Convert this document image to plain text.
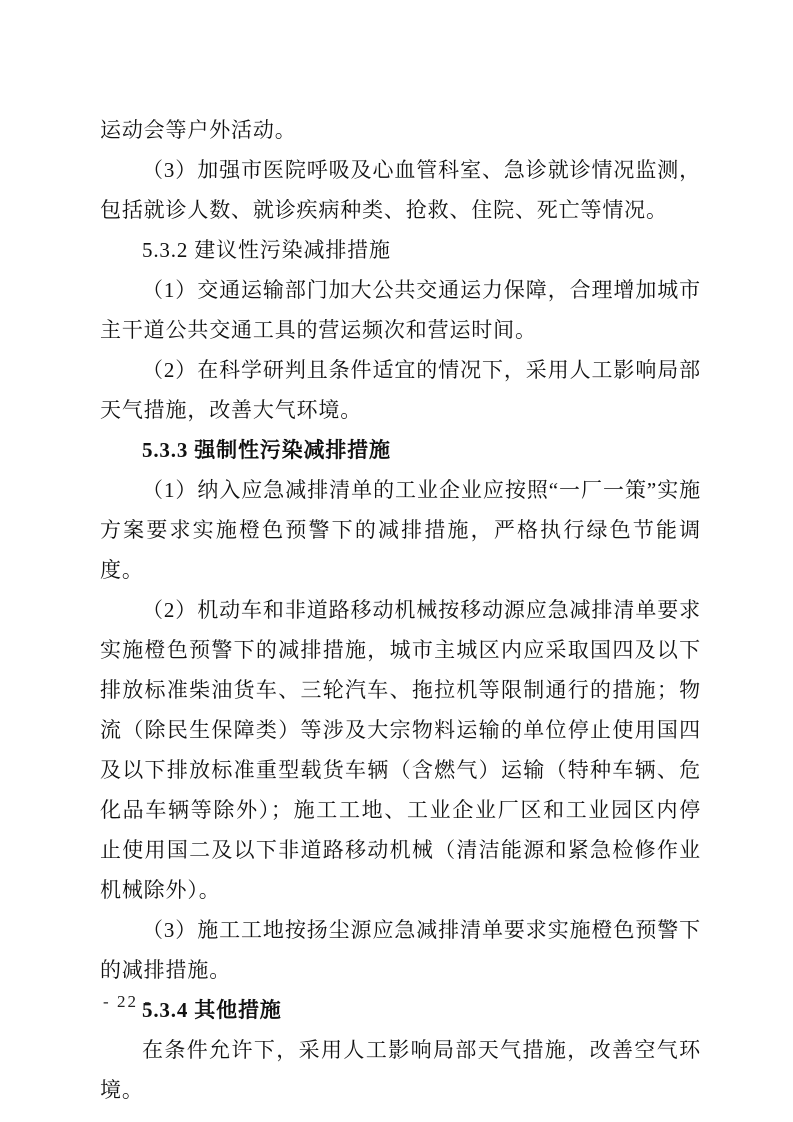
运动会等户外活动。

（3）加强市医院呼吸及心血管科室、急诊就诊情况监测，包括就诊人数、就诊疾病种类、抢救、住院、死亡等情况。

5.3.2 建议性污染减排措施

（1）交通运输部门加大公共交通运力保障，合理增加城市主干道公共交通工具的营运频次和营运时间。

（2）在科学研判且条件适宜的情况下，采用人工影响局部天气措施，改善大气环境。

5.3.3 强制性污染减排措施

（1）纳入应急减排清单的工业企业应按照“一厂一策”实施方案要求实施橙色预警下的减排措施，严格执行绿色节能调度。

（2）机动车和非道路移动机械按移动源应急减排清单要求实施橙色预警下的减排措施，城市主城区内应采取国四及以下排放标准柴油货车、三轮汽车、拖拉机等限制通行的措施；物流（除民生保障类）等涉及大宗物料运输的单位停止使用国四及以下排放标准重型载货车辆（含燃气）运输（特种车辆、危化品车辆等除外）；施工工地、工业企业厂区和工业园区内停止使用国二及以下非道路移动机械（清洁能源和紧急检修作业机械除外）。

（3）施工工地按扬尘源应急减排清单要求实施橙色预警下的减排措施。

5.3.4 其他措施

在条件允许下，采用人工影响局部天气措施，改善空气环境。

- 22 -
